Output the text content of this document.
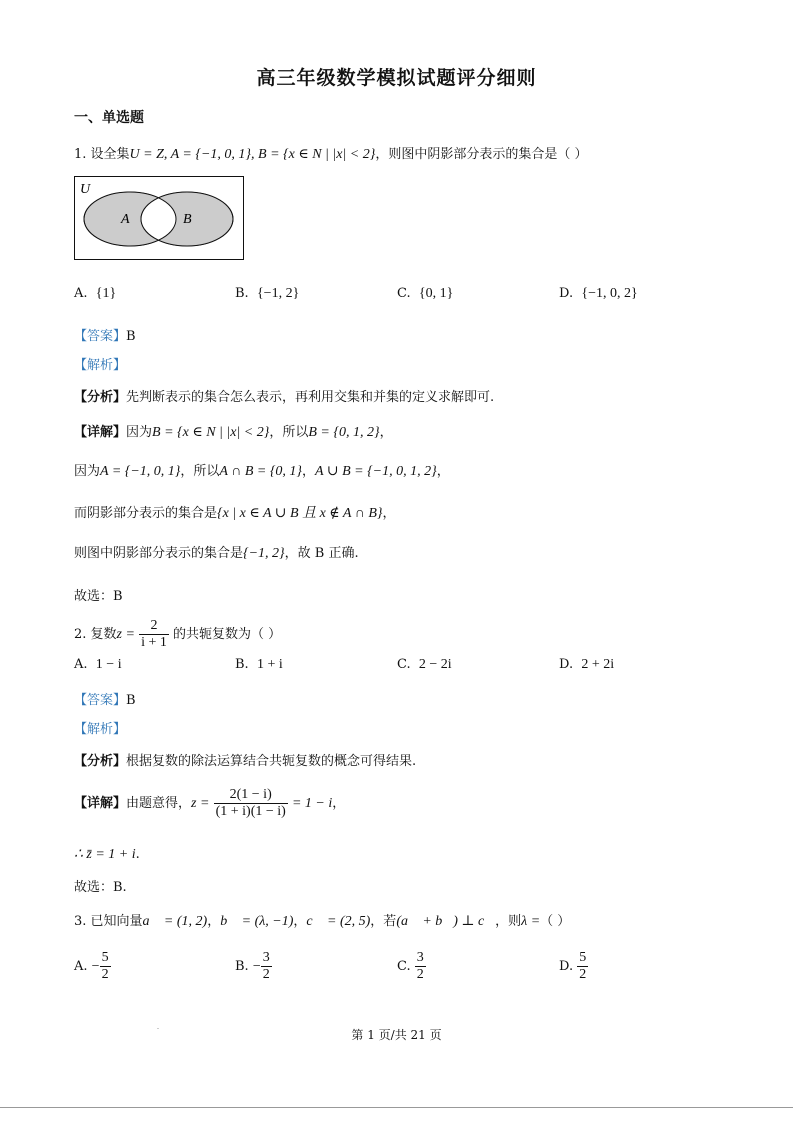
高三年级数学模拟试题评分细则
一、单选题
1. 设全集U = Z, A = {−1, 0, 1}, B = {x ∈ N | |x| < 2}，则图中阴影部分表示的集合是（ ）
U
A	B
A. {1}	B. {−1, 2}	C. {0, 1}	D. {−1, 0, 2}
【答案】B
【解析】
【分析】先判断表示的集合怎么表示，再利用交集和并集的定义求解即可.
【详解】因为B = {x ∈ N | |x| < 2}，所以B = {0, 1, 2}，
因为A = {−1, 0, 1}，所以A ∩ B = {0, 1}，A ∪ B = {−1, 0, 1, 2}，
而阴影部分表示的集合是{x | x ∈ A ∪ B 且 x ∉ A ∩ B}，
则图中阴影部分表示的集合是{−1, 2}，故 B 正确.
故选：B
2. 复数$z = \frac{2}{i + 1}$ 的共轭复数为（ ）
A. 1 − i	B. 1 + i	C. 2 − 2i	D. 2 + 2i
【答案】B
【解析】
【分析】根据复数的除法运算结合共轭复数的概念可得结果.
【详解】由题意得，$z = \frac{2(1 - i)}{(1 + i)(1 - i)} = 1 - i$，
∴ z̄ = 1 + i.
故选：B.
3. 已知向量a⃗ = (1, 2)，b⃗ = (λ, −1)，c⃗ = (2, 5)，若(a⃗ + b⃗) ⊥ c⃗，则λ =（ ）
A. − $\frac{5}{2}$	B. − $\frac{3}{2}$	C. $\frac{3}{2}$	D. $\frac{5}{2}$
第 1 页/共 21 页
